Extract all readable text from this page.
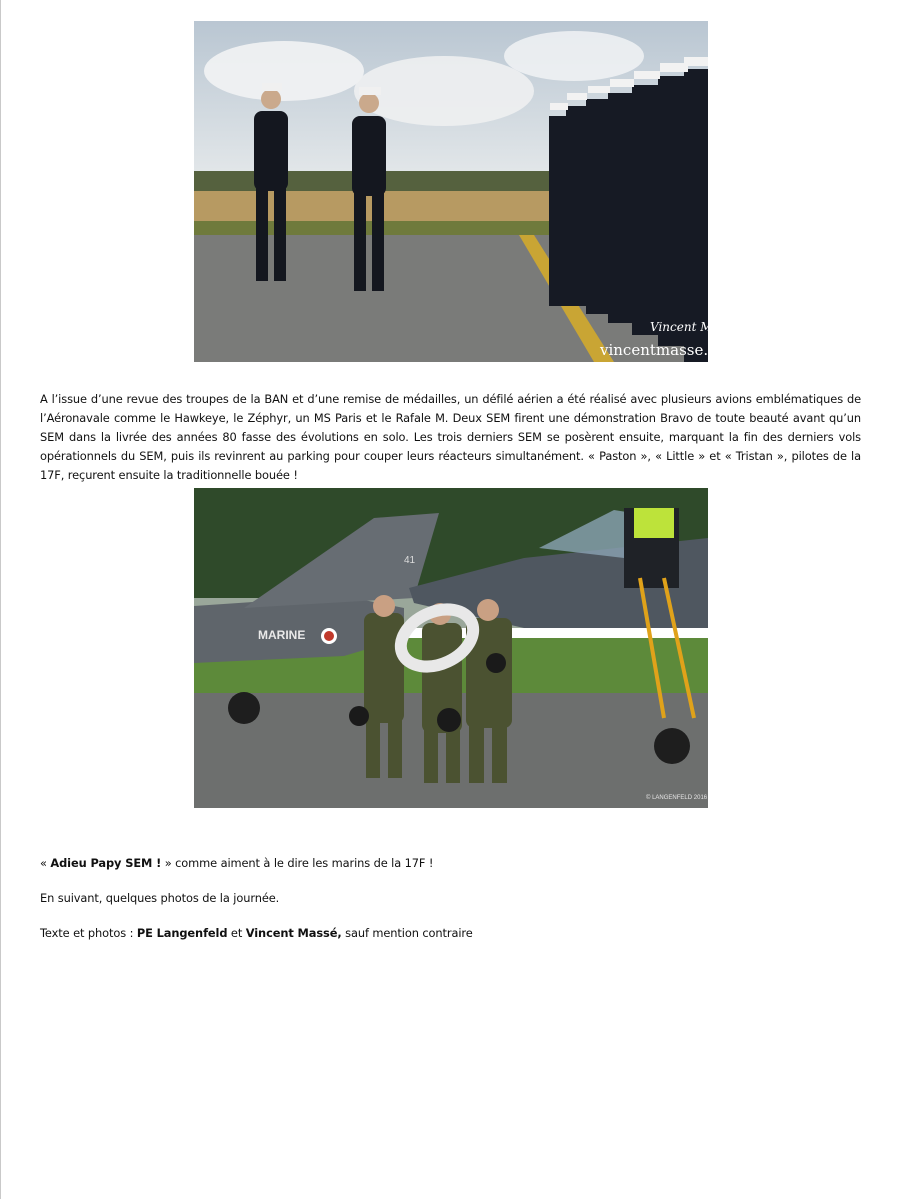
Vincent Massé
vincentmasse.fr

A l’issue d’une revue des troupes de la BAN et d’une remise de médailles, un défilé aérien a été réalisé avec plusieurs avions emblématiques de l’Aéronavale comme le Hawkeye, le Zéphyr, un MS Paris et le Rafale M. Deux SEM firent une démonstration Bravo de toute beauté avant qu’un SEM dans la livrée des années 80 fasse des évolutions en solo. Les trois derniers SEM se posèrent ensuite, marquant la fin des derniers vols opérationnels du SEM, puis ils revinrent au parking pour couper leurs réacteurs simultanément. « Paston », « Little » et « Tristan », pilotes de la 17F, reçurent ensuite la traditionnelle bouée !

41
MARINE
© LANGENFELD 2016

« Adieu Papy SEM ! » comme aiment à le dire les marins de la 17F !

En suivant, quelques photos de la journée.

Texte et photos : PE Langenfeld et Vincent Massé, sauf mention contraire
